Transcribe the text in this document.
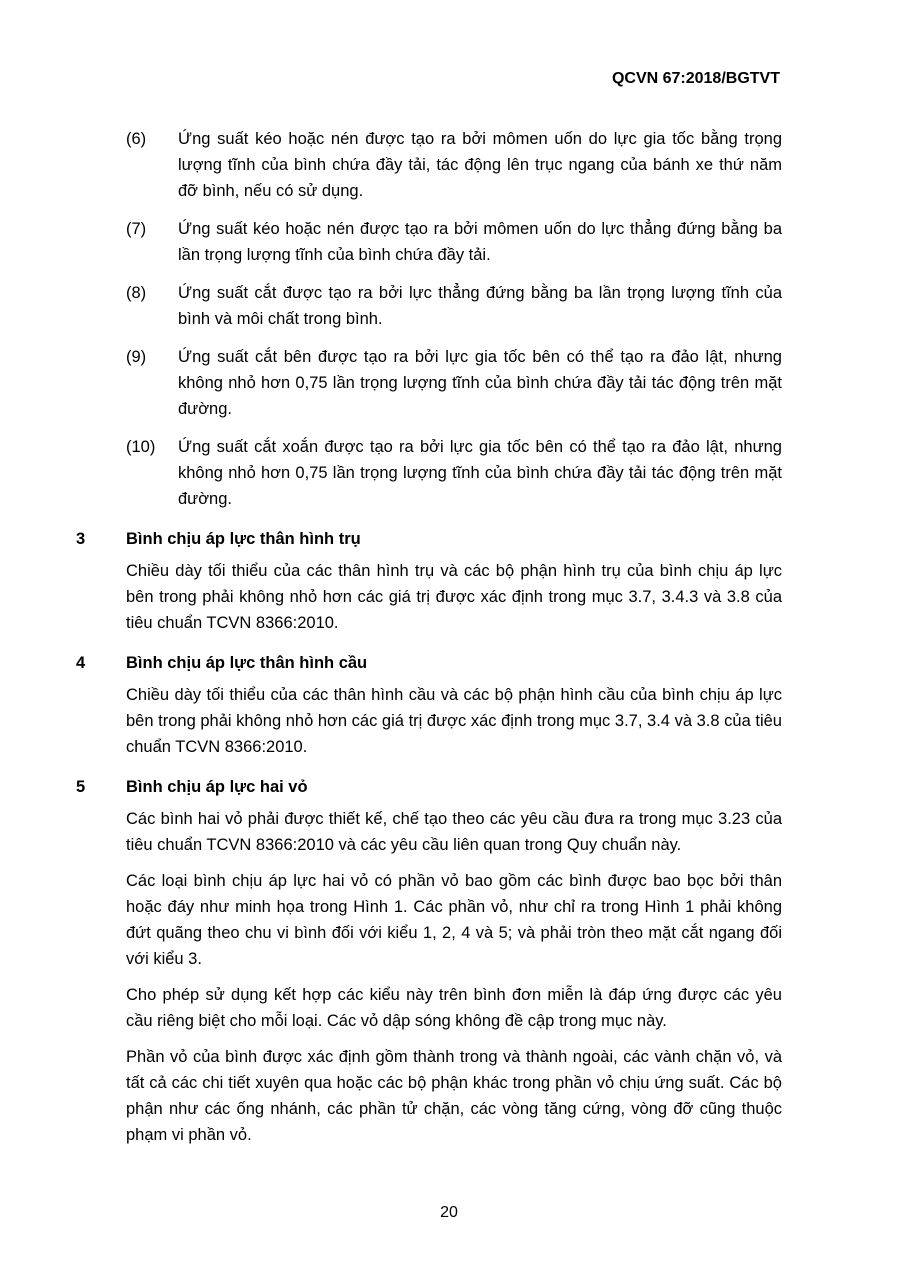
QCVN 67:2018/BGTVT
(6) Ứng suất kéo hoặc nén được tạo ra bởi mômen uốn do lực gia tốc bằng trọng lượng tĩnh của bình chứa đầy tải, tác động lên trục ngang của bánh xe thứ năm đỡ bình, nếu có sử dụng.
(7) Ứng suất kéo hoặc nén được tạo ra bởi mômen uốn do lực thẳng đứng bằng ba lần trọng lượng tĩnh của bình chứa đầy tải.
(8) Ứng suất cắt được tạo ra bởi lực thẳng đứng bằng ba lần trọng lượng tĩnh của bình và môi chất trong bình.
(9) Ứng suất cắt bên được tạo ra bởi lực gia tốc bên có thể tạo ra đảo lật, nhưng không nhỏ hơn 0,75 lần trọng lượng tĩnh của bình chứa đầy tải tác động trên mặt đường.
(10) Ứng suất cắt xoắn được tạo ra bởi lực gia tốc bên có thể tạo ra đảo lật, nhưng không nhỏ hơn 0,75 lần trọng lượng tĩnh của bình chứa đầy tải tác động trên mặt đường.
3 Bình chịu áp lực thân hình trụ

Chiều dày tối thiểu của các thân hình trụ và các bộ phận hình trụ của bình chịu áp lực bên trong phải không nhỏ hơn các giá trị được xác định trong mục 3.7, 3.4.3 và 3.8 của tiêu chuẩn TCVN 8366:2010.

4 Bình chịu áp lực thân hình cầu

Chiều dày tối thiểu của các thân hình cầu và các bộ phận hình cầu của bình chịu áp lực bên trong phải không nhỏ hơn các giá trị được xác định trong mục 3.7, 3.4 và 3.8 của tiêu chuẩn TCVN 8366:2010.

5 Bình chịu áp lực hai vỏ

Các bình hai vỏ phải được thiết kế, chế tạo theo các yêu cầu đưa ra trong mục 3.23 của tiêu chuẩn TCVN 8366:2010 và các yêu cầu liên quan trong Quy chuẩn này.

Các loại bình chịu áp lực hai vỏ có phần vỏ bao gồm các bình được bao bọc bởi thân hoặc đáy như minh họa trong Hình 1. Các phần vỏ, như chỉ ra trong Hình 1 phải không đứt quãng theo chu vi bình đối với kiểu 1, 2, 4 và 5; và phải tròn theo mặt cắt ngang đối với kiểu 3.

Cho phép sử dụng kết hợp các kiểu này trên bình đơn miễn là đáp ứng được các yêu cầu riêng biệt cho mỗi loại. Các vỏ dập sóng không đề cập trong mục này.

Phần vỏ của bình được xác định gồm thành trong và thành ngoài, các vành chặn vỏ, và tất cả các chi tiết xuyên qua hoặc các bộ phận khác trong phần vỏ chịu ứng suất. Các bộ phận như các ống nhánh, các phần tử chặn, các vòng tăng cứng, vòng đỡ cũng thuộc phạm vi phần vỏ.

20
